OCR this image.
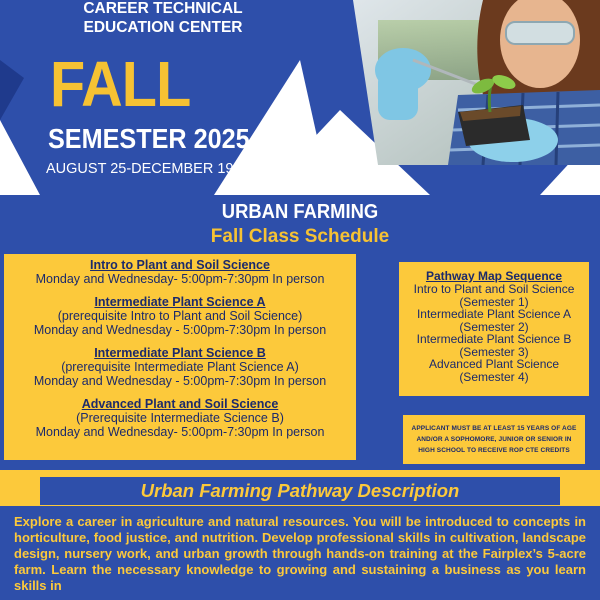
CAREER TECHNICAL
EDUCATION CENTER
FALL
SEMESTER 2025
AUGUST 25-DECEMBER 19
URBAN FARMING
Fall Class Schedule
Intro to Plant and Soil Science
Monday and Wednesday- 5:00pm-7:30pm In person
Intermediate Plant Science A
(prerequisite Intro to Plant and Soil Science)
Monday and Wednesday - 5:00pm-7:30pm In person
Intermediate Plant Science B
(prerequisite Intermediate Plant Science A)
Monday and Wednesday - 5:00pm-7:30pm In person
Advanced Plant and Soil Science
(Prerequisite Intermediate Science B)
Monday and Wednesday- 5:00pm-7:30pm In person
Pathway Map Sequence
Intro to Plant and Soil Science
(Semester 1)
Intermediate Plant Science A
(Semester 2)
Intermediate Plant Science B
(Semester 3)
Advanced Plant Science
(Semester 4)
APPLICANT MUST BE AT LEAST 15 YEARS OF AGE
AND/OR A SOPHOMORE, JUNIOR OR SENIOR IN
HIGH SCHOOL TO RECEIVE ROP CTE CREDITS
Urban Farming Pathway Description

Explore a career in agriculture and natural resources. You will be introduced to concepts in horticulture, food justice, and nutrition. Develop professional skills in cultivation, landscape design, nursery work, and urban growth through hands-on training at the Fairplex’s 5-acre farm. Learn the necessary knowledge to growing and sustaining a business as you learn skills in
